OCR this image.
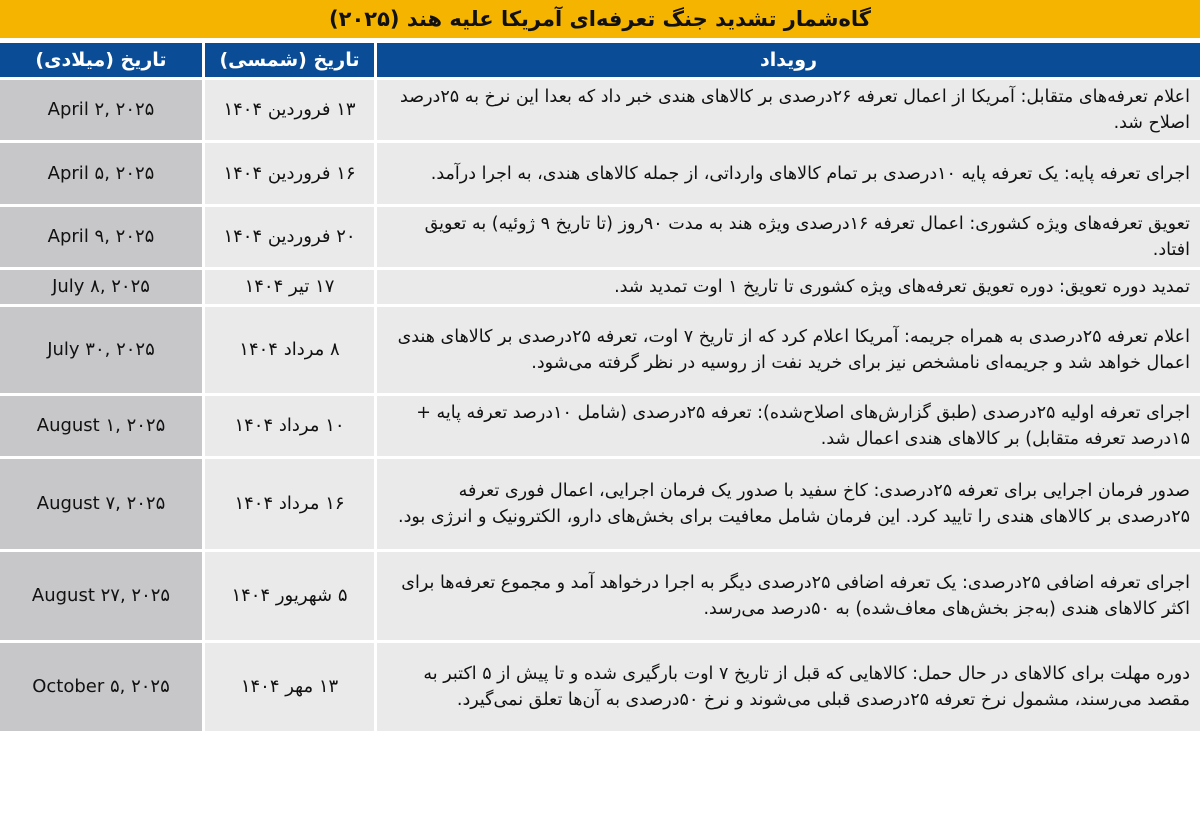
گاه‌شمار تشدید جنگ تعرفه‌ای آمریکا علیه هند (۲۰۲۵)
رویداد	تاریخ (شمسی)	تاریخ (میلادی)
اعلام تعرفه‌های متقابل: آمریکا از اعمال تعرفه ۲۶درصدی بر کالاهای هندی خبر داد که بعدا این نرخ به ۲۵درصد اصلاح شد.	۱۳ فروردین ۱۴۰۴	April ۲, ۲۰۲۵
اجرای تعرفه پایه: یک تعرفه پایه ۱۰درصدی بر تمام کالاهای وارداتی، از جمله کالاهای هندی، به اجرا درآمد.	۱۶ فروردین ۱۴۰۴	April ۵, ۲۰۲۵
تعویق تعرفه‌های ویژه کشوری: اعمال تعرفه ۱۶درصدی ویژه هند به مدت ۹۰روز (تا تاریخ ۹ ژوئیه) به تعویق افتاد.	۲۰ فروردین ۱۴۰۴	April ۹, ۲۰۲۵
تمدید دوره تعویق: دوره تعویق تعرفه‌های ویژه کشوری تا تاریخ ۱ اوت تمدید شد.	۱۷ تیر ۱۴۰۴	July ۸, ۲۰۲۵
اعلام تعرفه ۲۵درصدی به همراه جریمه: آمریکا اعلام کرد که از تاریخ ۷ اوت، تعرفه ۲۵درصدی بر کالاهای هندی اعمال خواهد شد و جریمه‌ای نامشخص نیز برای خرید نفت از روسیه در نظر گرفته می‌شود.	۸ مرداد ۱۴۰۴	July ۳۰, ۲۰۲۵
اجرای تعرفه اولیه ۲۵درصدی (طبق گزارش‌های اصلاح‌شده): تعرفه ۲۵درصدی (شامل ۱۰درصد تعرفه پایه + ۱۵درصد تعرفه متقابل) بر کالاهای هندی اعمال شد.	۱۰ مرداد ۱۴۰۴	August ۱, ۲۰۲۵
صدور فرمان اجرایی برای تعرفه ۲۵درصدی: کاخ سفید با صدور یک فرمان اجرایی، اعمال فوری تعرفه ۲۵درصدی بر کالاهای هندی را تایید کرد. این فرمان شامل معافیت برای بخش‌های دارو، الکترونیک و انرژی بود.	۱۶ مرداد ۱۴۰۴	August ۷, ۲۰۲۵
اجرای تعرفه اضافی ۲۵درصدی: یک تعرفه اضافی ۲۵درصدی دیگر به اجرا درخواهد آمد و مجموع تعرفه‌ها برای اکثر کالاهای هندی (به‌جز بخش‌های معاف‌شده) به ۵۰درصد می‌رسد.	۵ شهریور ۱۴۰۴	August ۲۷, ۲۰۲۵
دوره مهلت برای کالاهای در حال حمل: کالاهایی که قبل از تاریخ ۷ اوت بارگیری شده و تا پیش از ۵ اکتبر به مقصد می‌رسند، مشمول نرخ تعرفه ۲۵درصدی قبلی می‌شوند و نرخ ۵۰درصدی به آن‌ها تعلق نمی‌گیرد.	۱۳ مهر ۱۴۰۴	October ۵, ۲۰۲۵
